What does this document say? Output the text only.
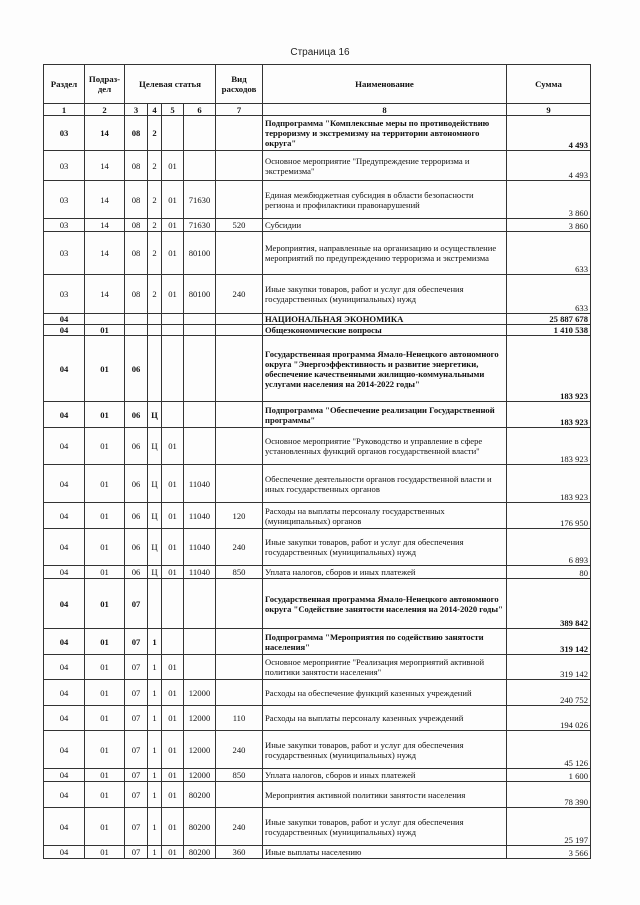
Страница 16
Раздел	Подраз-дел	Целевая статья				Вид расходов	Наименование	Сумма
1	2	3	4	5	6	7	8	9
03	14	08	2				Подпрограмма "Комплексные меры по противодействию терроризму и экстремизму на территории автономного округа"	4 493
03	14	08	2	01			Основное мероприятие "Предупреждение терроризма и экстремизма"	4 493
03	14	08	2	01	71630		Единая межбюджетная субсидия в области безопасности региона и профилактики правонарушений	3 860
03	14	08	2	01	71630	520	Субсидии	3 860
03	14	08	2	01	80100		Мероприятия, направленные на организацию и осуществление мероприятий по предупреждению терроризма и экстремизма	633
03	14	08	2	01	80100	240	Иные закупки товаров, работ и услуг для обеспечения государственных (муниципальных) нужд	633
04							НАЦИОНАЛЬНАЯ ЭКОНОМИКА	25 887 678
04	01						Общеэкономические вопросы	1 410 538
04	01	06					Государственная программа Ямало-Ненецкого автономного округа "Энергоэффективность и развитие энергетики, обеспечение качественными жилищно-коммунальными услугами населения на 2014-2022 годы"	183 923
04	01	06	Ц				Подпрограмма "Обеспечение реализации Государственной программы"	183 923
04	01	06	Ц	01			Основное мероприятие "Руководство и управление в сфере установленных функций органов государственной власти"	183 923
04	01	06	Ц	01	11040		Обеспечение деятельности органов государственной власти и иных государственных органов	183 923
04	01	06	Ц	01	11040	120	Расходы на выплаты персоналу государственных (муниципальных) органов	176 950
04	01	06	Ц	01	11040	240	Иные закупки товаров, работ и услуг для обеспечения государственных (муниципальных) нужд	6 893
04	01	06	Ц	01	11040	850	Уплата налогов, сборов и иных платежей	80
04	01	07					Государственная программа Ямало-Ненецкого автономного округа "Содействие занятости населения на 2014-2020 годы"	389 842
04	01	07	1				Подпрограмма "Мероприятия по содействию занятости населения"	319 142
04	01	07	1	01			Основное мероприятие "Реализация мероприятий активной политики занятости населения"	319 142
04	01	07	1	01	12000		Расходы на обеспечение функций казенных учреждений	240 752
04	01	07	1	01	12000	110	Расходы на выплаты персоналу казенных учреждений	194 026
04	01	07	1	01	12000	240	Иные закупки товаров, работ и услуг для обеспечения государственных (муниципальных) нужд	45 126
04	01	07	1	01	12000	850	Уплата налогов, сборов и иных платежей	1 600
04	01	07	1	01	80200		Мероприятия активной политики занятости населения	78 390
04	01	07	1	01	80200	240	Иные закупки товаров, работ и услуг для обеспечения государственных (муниципальных) нужд	25 197
04	01	07	1	01	80200	360	Иные выплаты населению	3 566
